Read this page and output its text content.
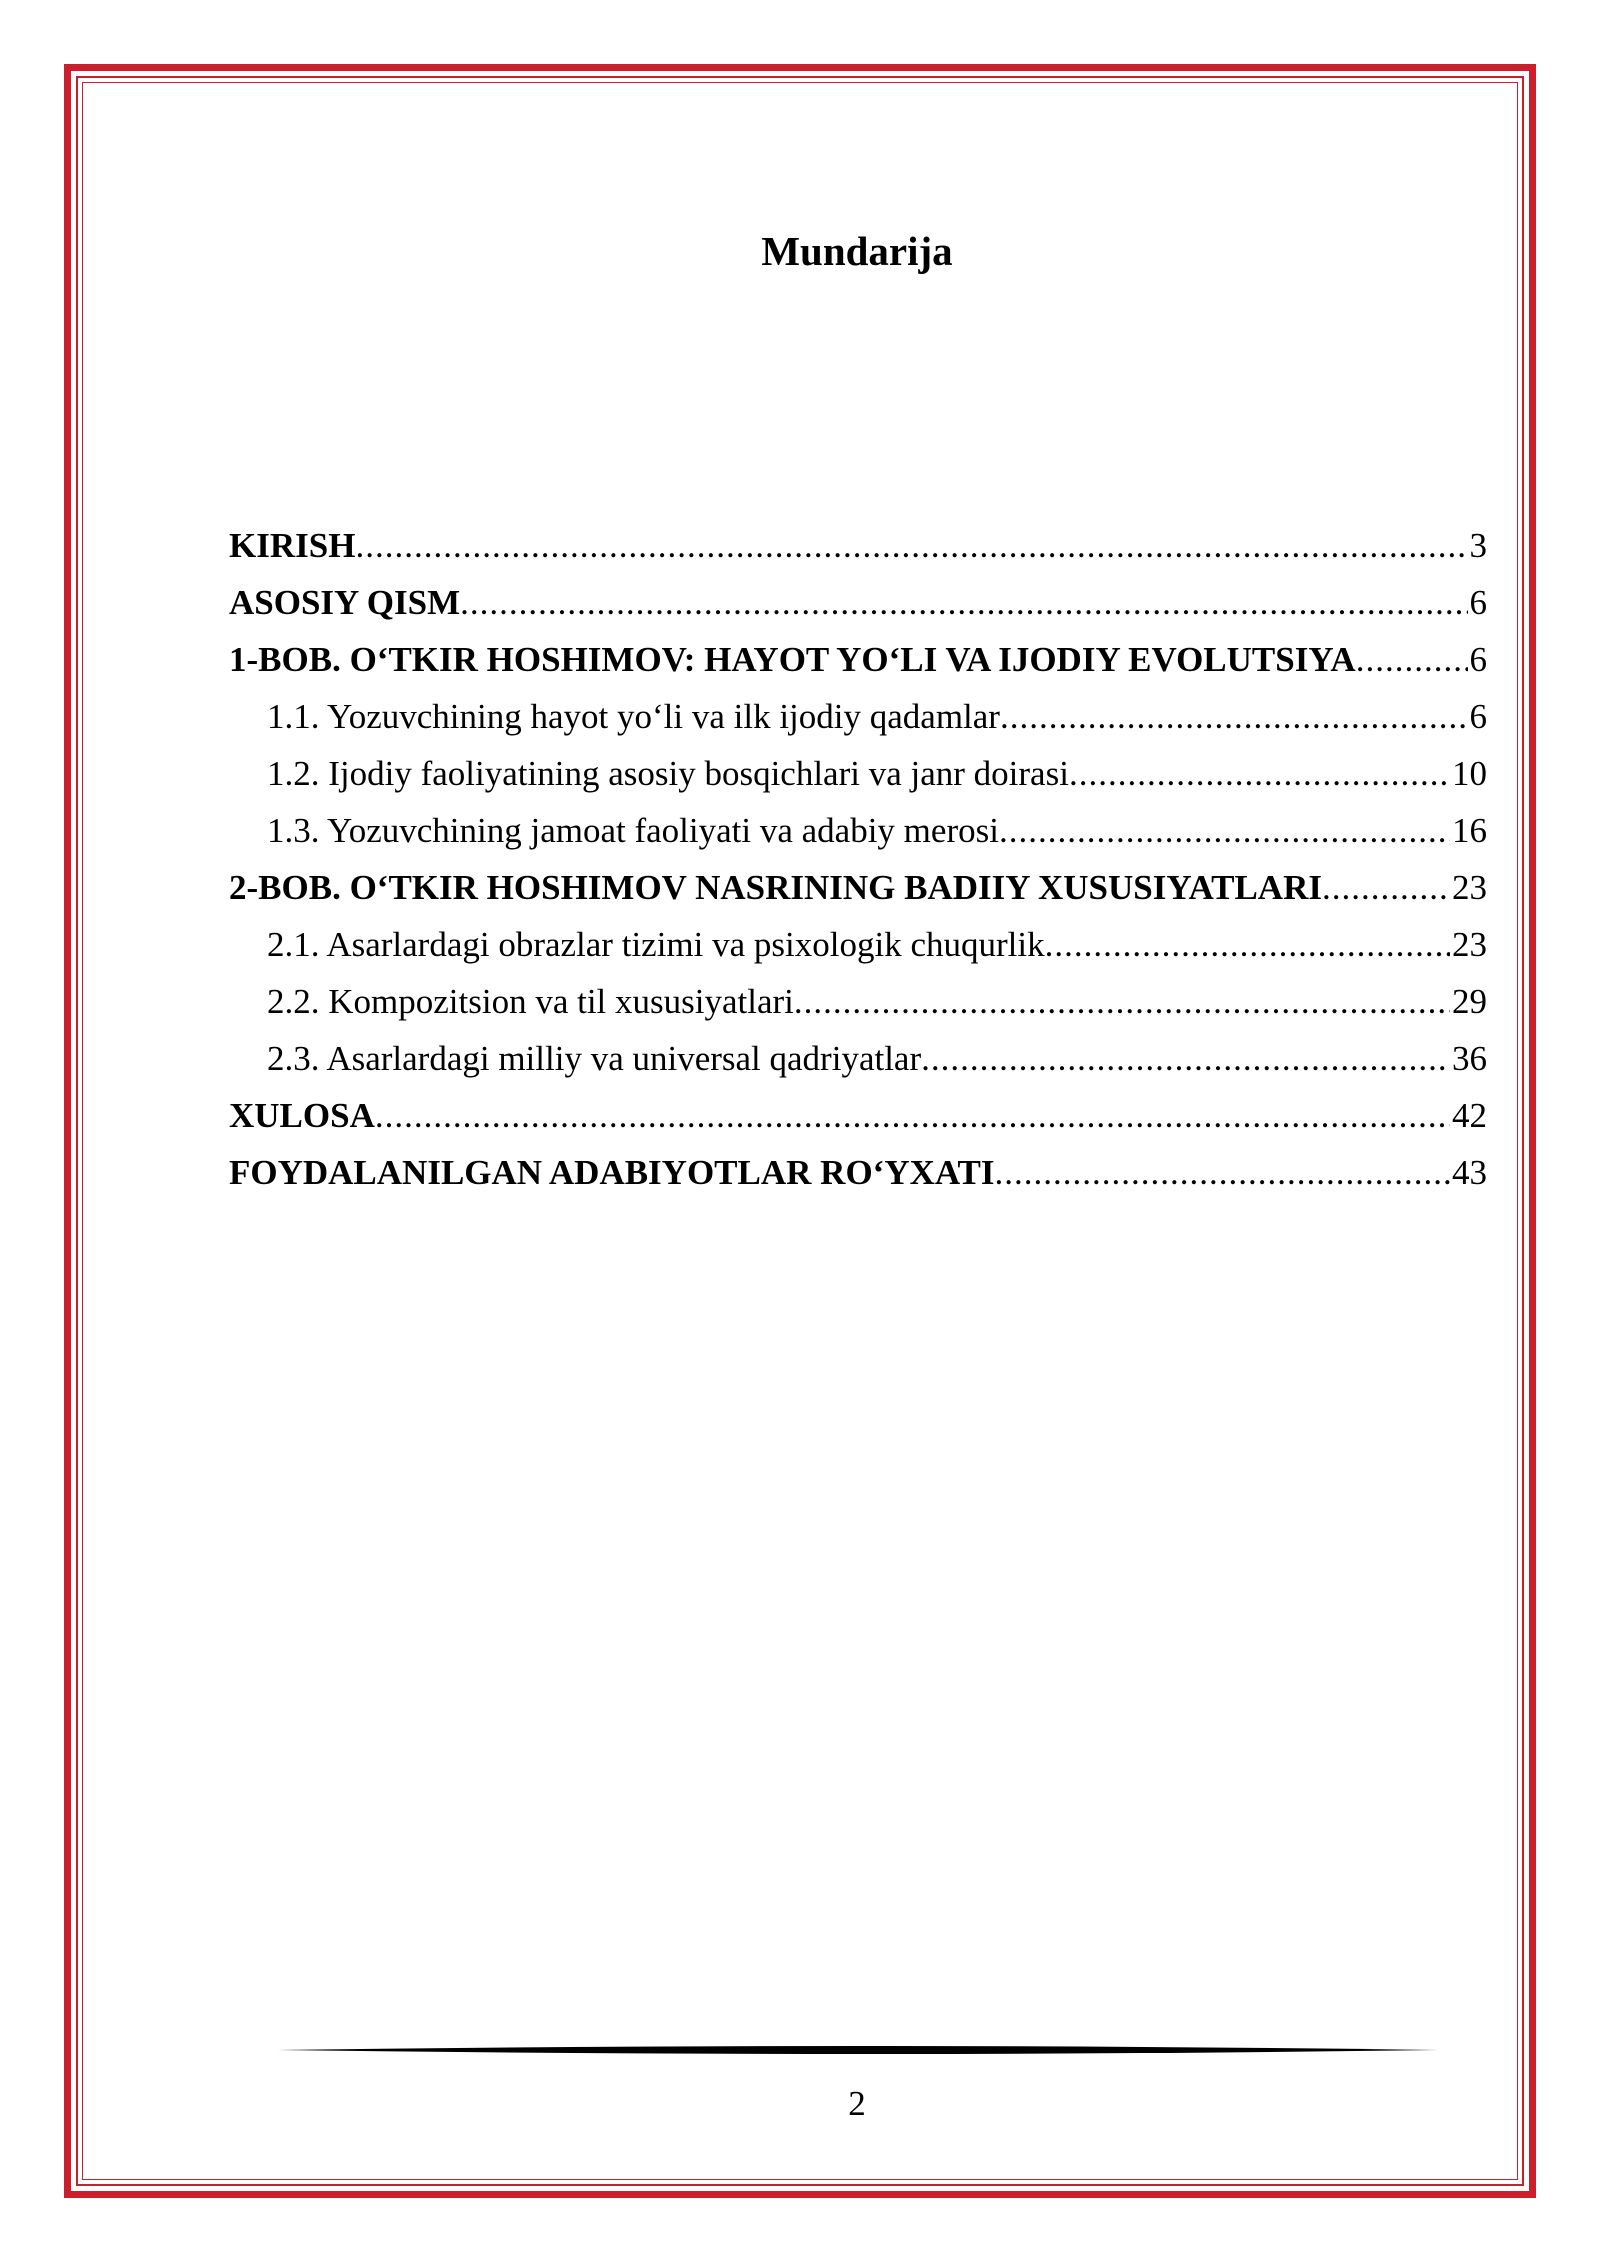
Mundarija
KIRISH .....	3
ASOSIY QISM .....	6
1-BOB. O‘TKIR HOSHIMOV: HAYOT YO‘LI VA IJODIY EVOLUTSIYA .....	6
1.1. Yozuvchining hayot yo‘li va ilk ijodiy qadamlar .....	6
1.2. Ijodiy faoliyatining asosiy bosqichlari va janr doirasi .....	10
1.3. Yozuvchining jamoat faoliyati va adabiy merosi .....	16
2-BOB. O‘TKIR HOSHIMOV NASRINING BADIIY XUSUSIYATLARI .....	23
2.1. Asarlardagi obrazlar tizimi va psixologik chuqurlik .....	23
2.2. Kompozitsion va til xususiyatlari .....	29
2.3. Asarlardagi milliy va universal qadriyatlar .....	36
XULOSA .....	42
FOYDALANILGAN ADABIYOTLAR RO‘YXATI .....	43
2
